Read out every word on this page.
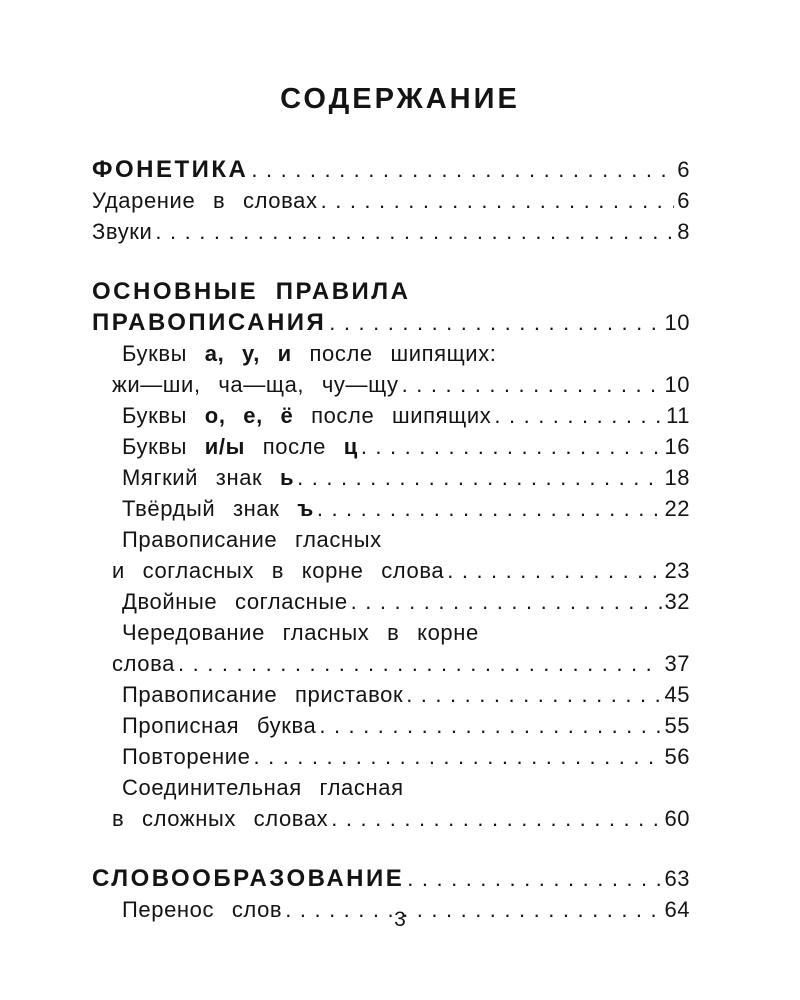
СОДЕРЖАНИЕ
ФОНЕТИКА .....	6
Ударение в словах .....	6
Звуки .....	8
ОСНОВНЫЕ ПРАВИЛА
ПРАВОПИСАНИЯ .....	10
Буквы а, у, и после шипящих:
жи—ши, ча—ща, чу—щу .....	10
Буквы о, е, ё после шипящих .....	11
Буквы и/ы после ц .....	16
Мягкий знак ь .....	18
Твёрдый знак ъ .....	22
Правописание гласных
и согласных в корне слова .....	23
Двойные согласные .....	32
Чередование гласных в корне
слова .....	37
Правописание приставок .....	45
Прописная буква .....	55
Повторение .....	56
Соединительная гласная
в сложных словах .....	60
СЛОВООБРАЗОВАНИЕ .....	63
Перенос слов .....	64
3
